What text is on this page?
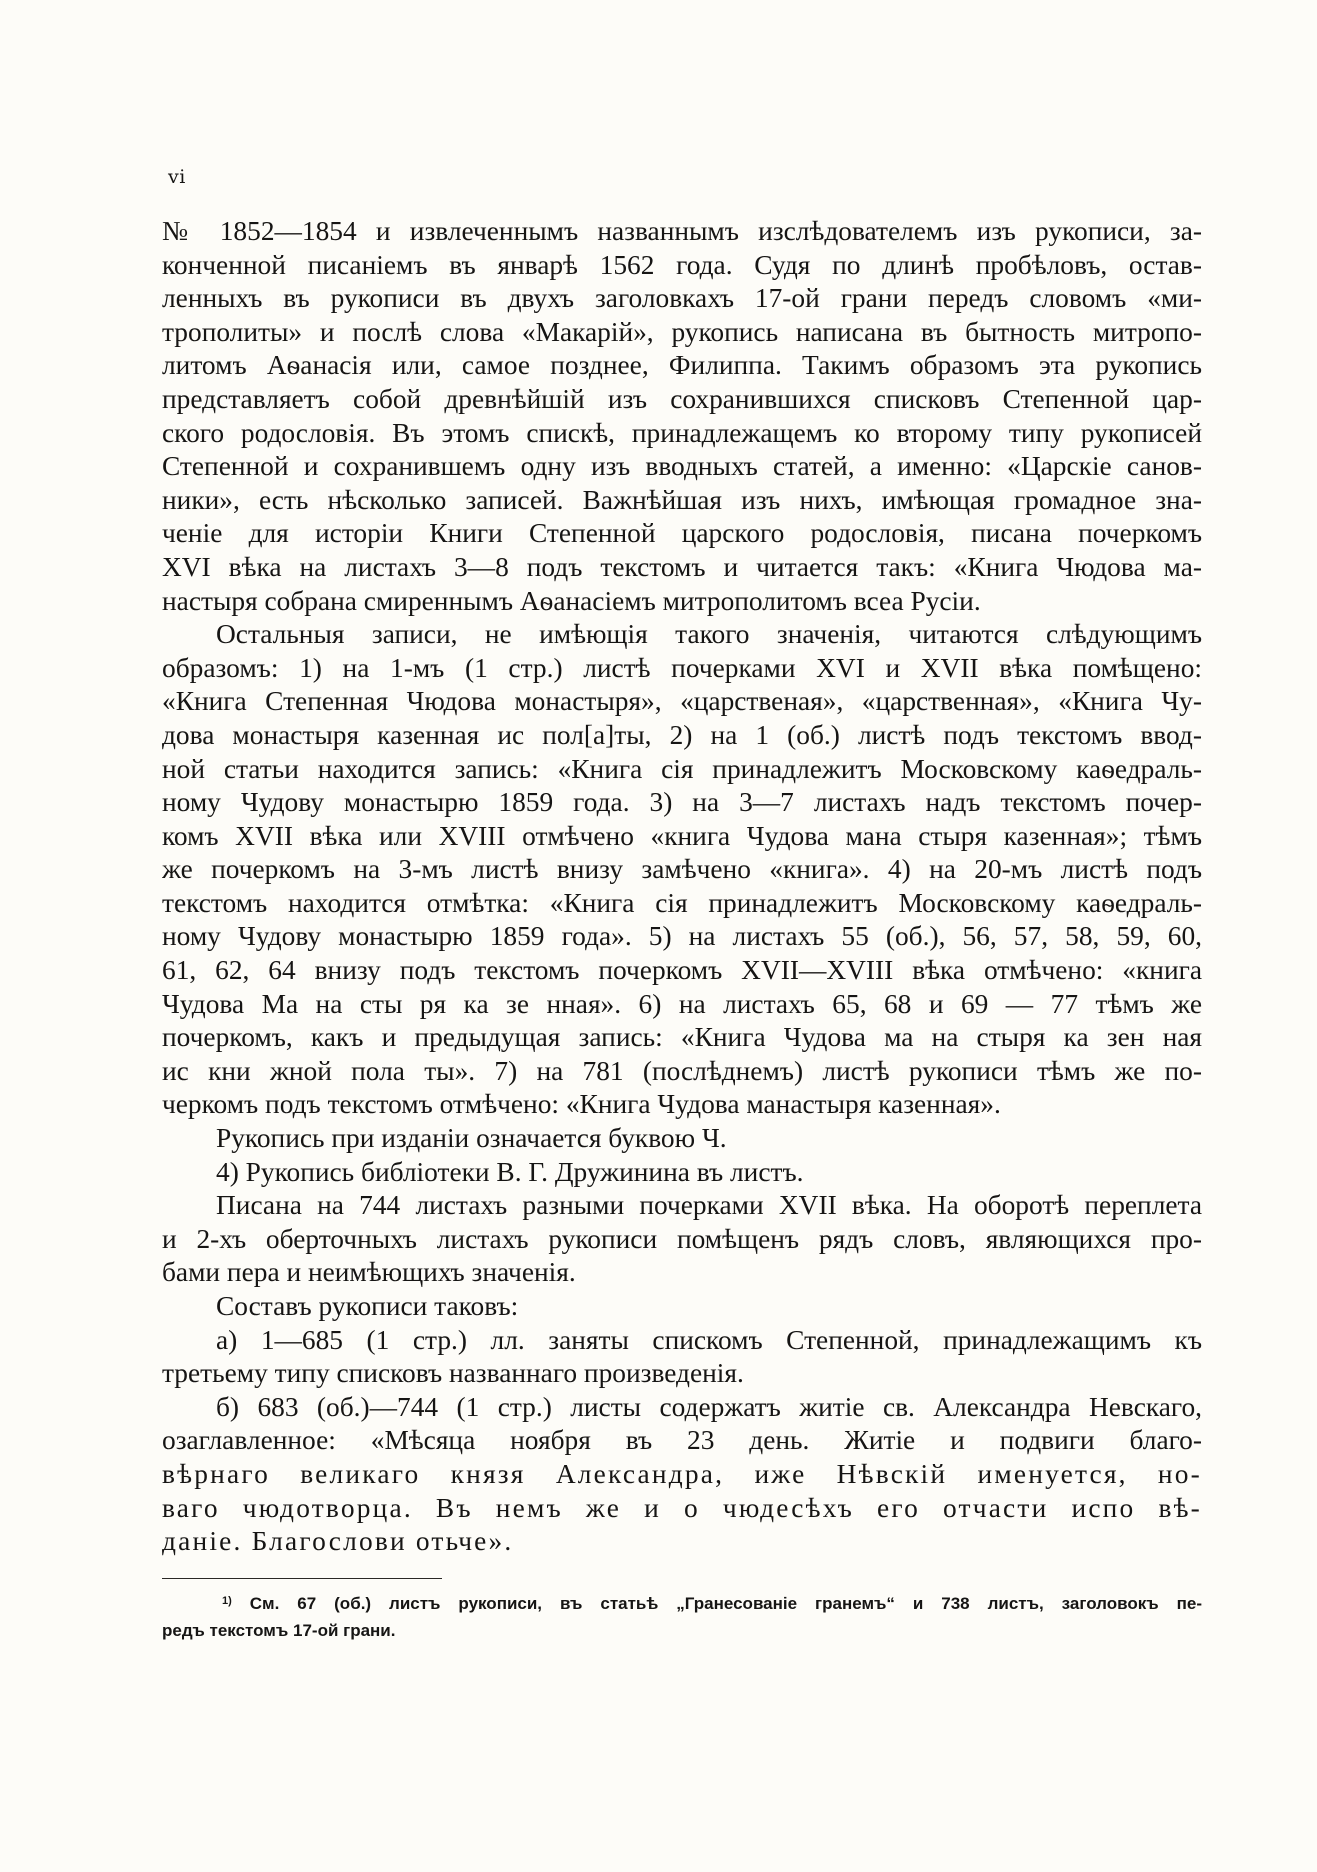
vi
№ 1852—1854 и извлеченнымъ названнымъ изслѣдователемъ изъ рукописи, за-
конченной писаніемъ въ январѣ 1562 года. Судя по длинѣ пробѣловъ, остав-
ленныхъ въ рукописи въ двухъ заголовкахъ 17-ой грани передъ словомъ «ми-
трополиты» и послѣ слова «Макарій», рукопись написана въ бытность митропо-
литомъ Аѳанасія или, самое позднее, Филиппа. Такимъ образомъ эта рукопись
представляетъ собой древнѣйшій изъ сохранившихся списковъ Степенной цар-
ского родословія. Въ этомъ спискѣ, принадлежащемъ ко второму типу рукописей
Степенной и сохранившемъ одну изъ вводныхъ статей, а именно: «Царскіе санов-
ники», есть нѣсколько записей. Важнѣйшая изъ нихъ, имѣющая громадное зна-
ченіе для исторіи Книги Степенной царского родословія, писана почеркомъ
XVI вѣка на листахъ 3—8 подъ текстомъ и читается такъ: «Книга Чюдова ма-
настыря собрана смиреннымъ Аѳанасіемъ митрополитомъ всеа Русіи.
Остальныя записи, не имѣющія такого значенія, читаются слѣдующимъ
образомъ: 1) на 1-мъ (1 стр.) листѣ почерками XVI и XVII вѣка помѣщено:
«Книга Степенная Чюдова монастыря», «царственая», «царственная», «Книга Чу-
дова монастыря казенная ис пол[а]ты, 2) на 1 (об.) листѣ подъ текстомъ ввод-
ной статьи находится запись: «Книга сія принадлежитъ Московскому каѳедраль-
ному Чудову монастырю 1859 года. 3) на 3—7 листахъ надъ текстомъ почер-
комъ XVII вѣка или XVIII отмѣчено «книга Чудова мана стыря казенная»; тѣмъ
же почеркомъ на 3-мъ листѣ внизу замѣчено «книга». 4) на 20-мъ листѣ подъ
текстомъ находится отмѣтка: «Книга сія принадлежитъ Московскому каѳедраль-
ному Чудову монастырю 1859 года». 5) на листахъ 55 (об.), 56, 57, 58, 59, 60,
61, 62, 64 внизу подъ текстомъ почеркомъ XVII—XVIII вѣка отмѣчено: «книга
Чудова Ма на сты ря ка зе нная». 6) на листахъ 65, 68 и 69 — 77 тѣмъ же
почеркомъ, какъ и предыдущая запись: «Книга Чудова ма на стыря ка зен ная
ис кни жной пола ты». 7) на 781 (послѣднемъ) листѣ рукописи тѣмъ же по-
черкомъ подъ текстомъ отмѣчено: «Книга Чудова манастыря казенная».
Рукопись при изданіи означается буквою Ч.
4) Рукопись библіотеки В. Г. Дружинина въ листъ.
Писана на 744 листахъ разными почерками XVII вѣка. На оборотѣ переплета
и 2-хъ оберточныхъ листахъ рукописи помѣщенъ рядъ словъ, являющихся про-
бами пера и неимѣющихъ значенія.
Составъ рукописи таковъ:
а) 1—685 (1 стр.) лл. заняты спискомъ Степенной, принадлежащимъ къ
третьему типу списковъ названнаго произведенія.
б) 683 (об.)—744 (1 стр.) листы содержатъ житіе св. Александра Невскаго,
озаглавленное: «Мѣсяца ноября въ 23 день. Житіе и подвиги благо-
вѣрнаго великаго князя Александра, иже Нѣвскій именуется, но-
ваго чюдотворца. Въ немъ же и о чюдесѣхъ его отчасти испо вѣ-
даніе. Благослови отьче».
$^{1)}$ См. 67 (об.) листъ рукописи, въ статьѣ „Гранесованіе гранемъ“ и 738 листъ, заголовокъ пе-
редъ текстомъ 17-ой грани.
